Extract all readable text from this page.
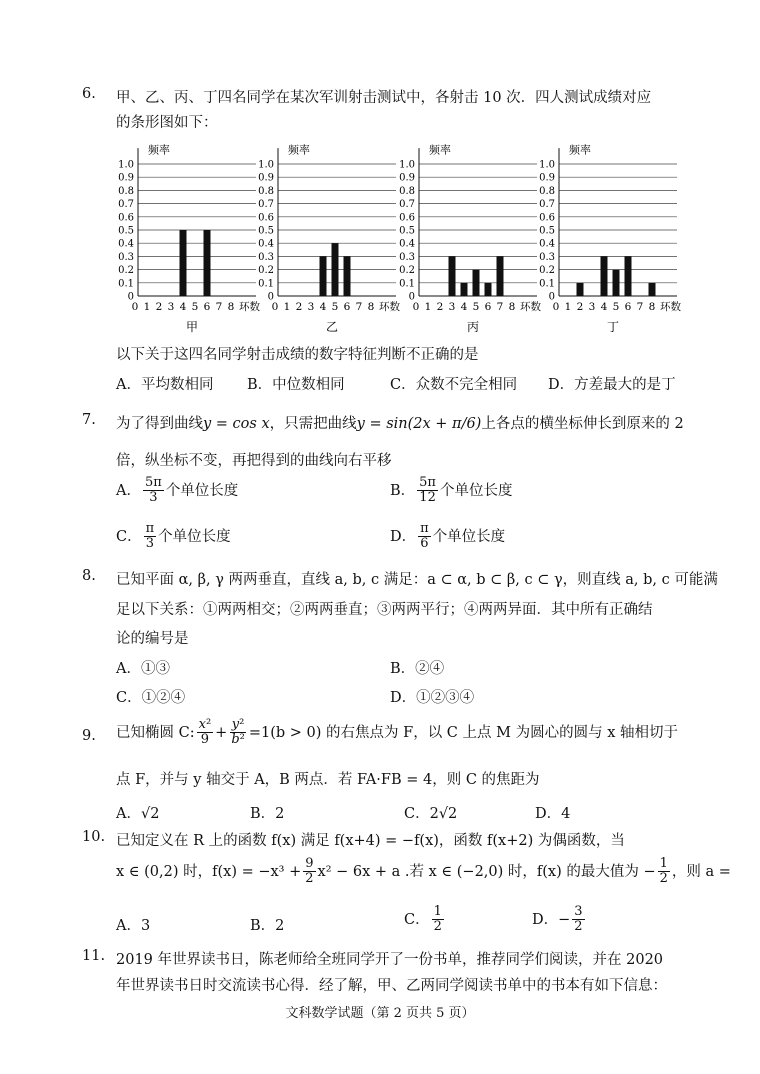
6. 甲、乙、丙、丁四名同学在某次军训射击测试中，各射击 10 次．四人测试成绩对应
的条形图如下：
1.0
0.9
0.8
0.7
0.6
0.5
0.4
0.3
0.2
0.1
0
频率
0 1 2 3 4 5 6 7 8 环数
甲
1.0
0.9
0.8
0.7
0.6
0.5
0.4
0.3
0.2
0.1
0
频率
0 1 2 3 4 5 6 7 8 环数
乙
1.0
0.9
0.8
0.7
0.6
0.5
0.4
0.3
0.2
0.1
0
频率
0 1 2 3 4 5 6 7 8 环数
丙
1.0
0.9
0.8
0.7
0.6
0.5
0.4
0.3
0.2
0.1
0
频率
0 1 2 3 4 5 6 7 8 环数
丁
以下关于这四名同学射击成绩的数字特征判断不正确的是
A．平均数相同 B．中位数相同	C．众数不完全相同 D．方差最大的是丁
7. 为了得到曲线y = cos x，只需把曲线y = sin(2x + π/6)上各点的横坐标伸长到原来的 2
倍，纵坐标不变，再把得到的曲线向右平移
A． $\frac{5\pi}{3}$ 个单位长度	B． $\frac{5\pi}{12}$ 个单位长度
C． $\frac{\pi}{3}$ 个单位长度	D． $\frac{\pi}{6}$ 个单位长度
8. 已知平面 α, β, γ 两两垂直，直线 a, b, c 满足：a ⊂ α, b ⊂ β, c ⊂ γ，则直线 a, b, c 可能满
足以下关系：①两两相交；②两两垂直；③两两平行；④两两异面．其中所有正确结
论的编号是
A．①③	B．②④
C．①②④	D．①②③④
9. 已知椭圆 C: $\frac{\text{x²}}{9} + \frac{\text{y²}}{\text{b²}} =1(b > 0)$ 的右焦点为 F，以 C 上点 M 为圆心的圆与 x 轴相切于
点 F，并与 y 轴交于 A，B 两点．若 FA·FB = 4，则 C 的焦距为
A．√2	B．2	C．2√2	D．4
10. 已知定义在 R 上的函数 f(x) 满足 f(x+4) = −f(x)，函数 f(x+2) 为偶函数，当
x ∈ (0,2) 时，$f(x) = -x^3 + \frac{9}{2} x^2 - 6x + a$ .若 x ∈ (−2,0) 时，f(x) 的最大值为 − $\frac{1}{2}$ ，则 a =
A．3	B．2	C． $\frac{1}{2}$	D．− $\frac{3}{2}$
11. 2019 年世界读书日，陈老师给全班同学开了一份书单，推荐同学们阅读，并在 2020
年世界读书日时交流读书心得．经了解，甲、乙两同学阅读书单中的书本有如下信息：
文科数学试题（第 2 页共 5 页）
